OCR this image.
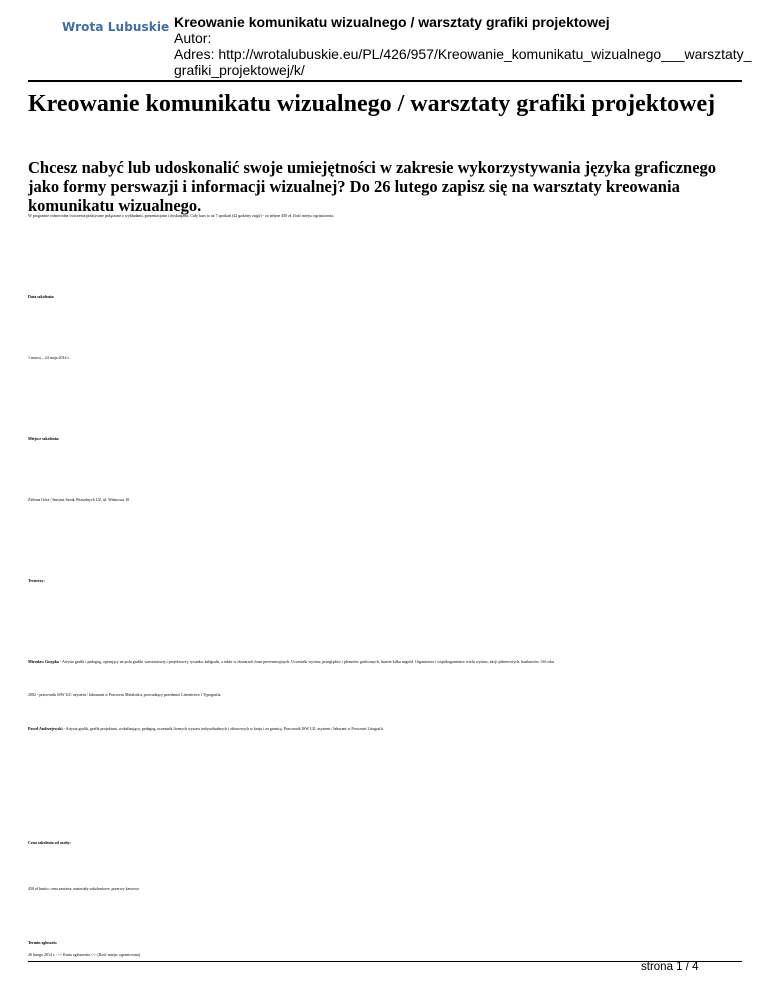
Wrota Lubuskie Kreowanie komunikatu wizualnego / warsztaty grafiki projektowej
Autor:
Adres: http://wrotalubuskie.eu/PL/426/957/Kreowanie_komunikatu_wizualnego___warsztaty_grafiki_projektowej/k/
Kreowanie komunikatu wizualnego / warsztaty grafiki projektowej
Chcesz nabyć lub udoskonalić swoje umiejętności w zakresie wykorzystywania języka graficznego jako formy perswazji i informacji wizualnej? Do 26 lutego zapisz się na warsztaty kreowania komunikatu wizualnego.
W programie różnorodne ćwiczenia praktyczne połączone z wykładami, prezentacjami i dyskusjami. Cały kurs to aż 7 spotkań (42 godziny zajęć) - za jedyne 450 zł. Ilość miejsc ograniczona.
Data szkolenia:
1 marca – 24 maja 2014 r.
Miejsce szkolenia:
Zielona Góra / Instytut Sztuk Wizualnych UZ, ul. Wiśniowa 10
Trenerzy:
Mirosław Gnypka - Artysta grafik i pedagog, operujący na polu grafiki warsztatowej i projektowej, rysunku, kaligrafii, a także w obszarach form prezentacyjnych. Uczestnik wystaw, przeglądów i plenerów graficznych, laureat kilku nagród. Organizator i współorganizator wielu wystaw, akcji plenerowych, konkursów. Od roku
2002 - pracownik ISW UZ: asystent / labourant w Pracowni Metalodru, prowadzący przedmiot Liternictwo i Typografia.
Paweł Andrzejewski - Artysta grafik, grafik projektant, wokalizujący, pedagog, uczestnik licznych wystaw indywidualnych i zbiorowych w kraju i za granicą. Pracownik ISW UZ: asystent / laborant w Pracowni Litografii.
Cena szkolenia od osoby:
450 zł brutto: cena zawiera: materiały szkoleniowe, przerwy kawowe
Termin zgłoszeń:
26 lutego 2014 r. ->> Karta zgłoszenia <<- (Ilość miejsc ograniczona)
strona 1 / 4
